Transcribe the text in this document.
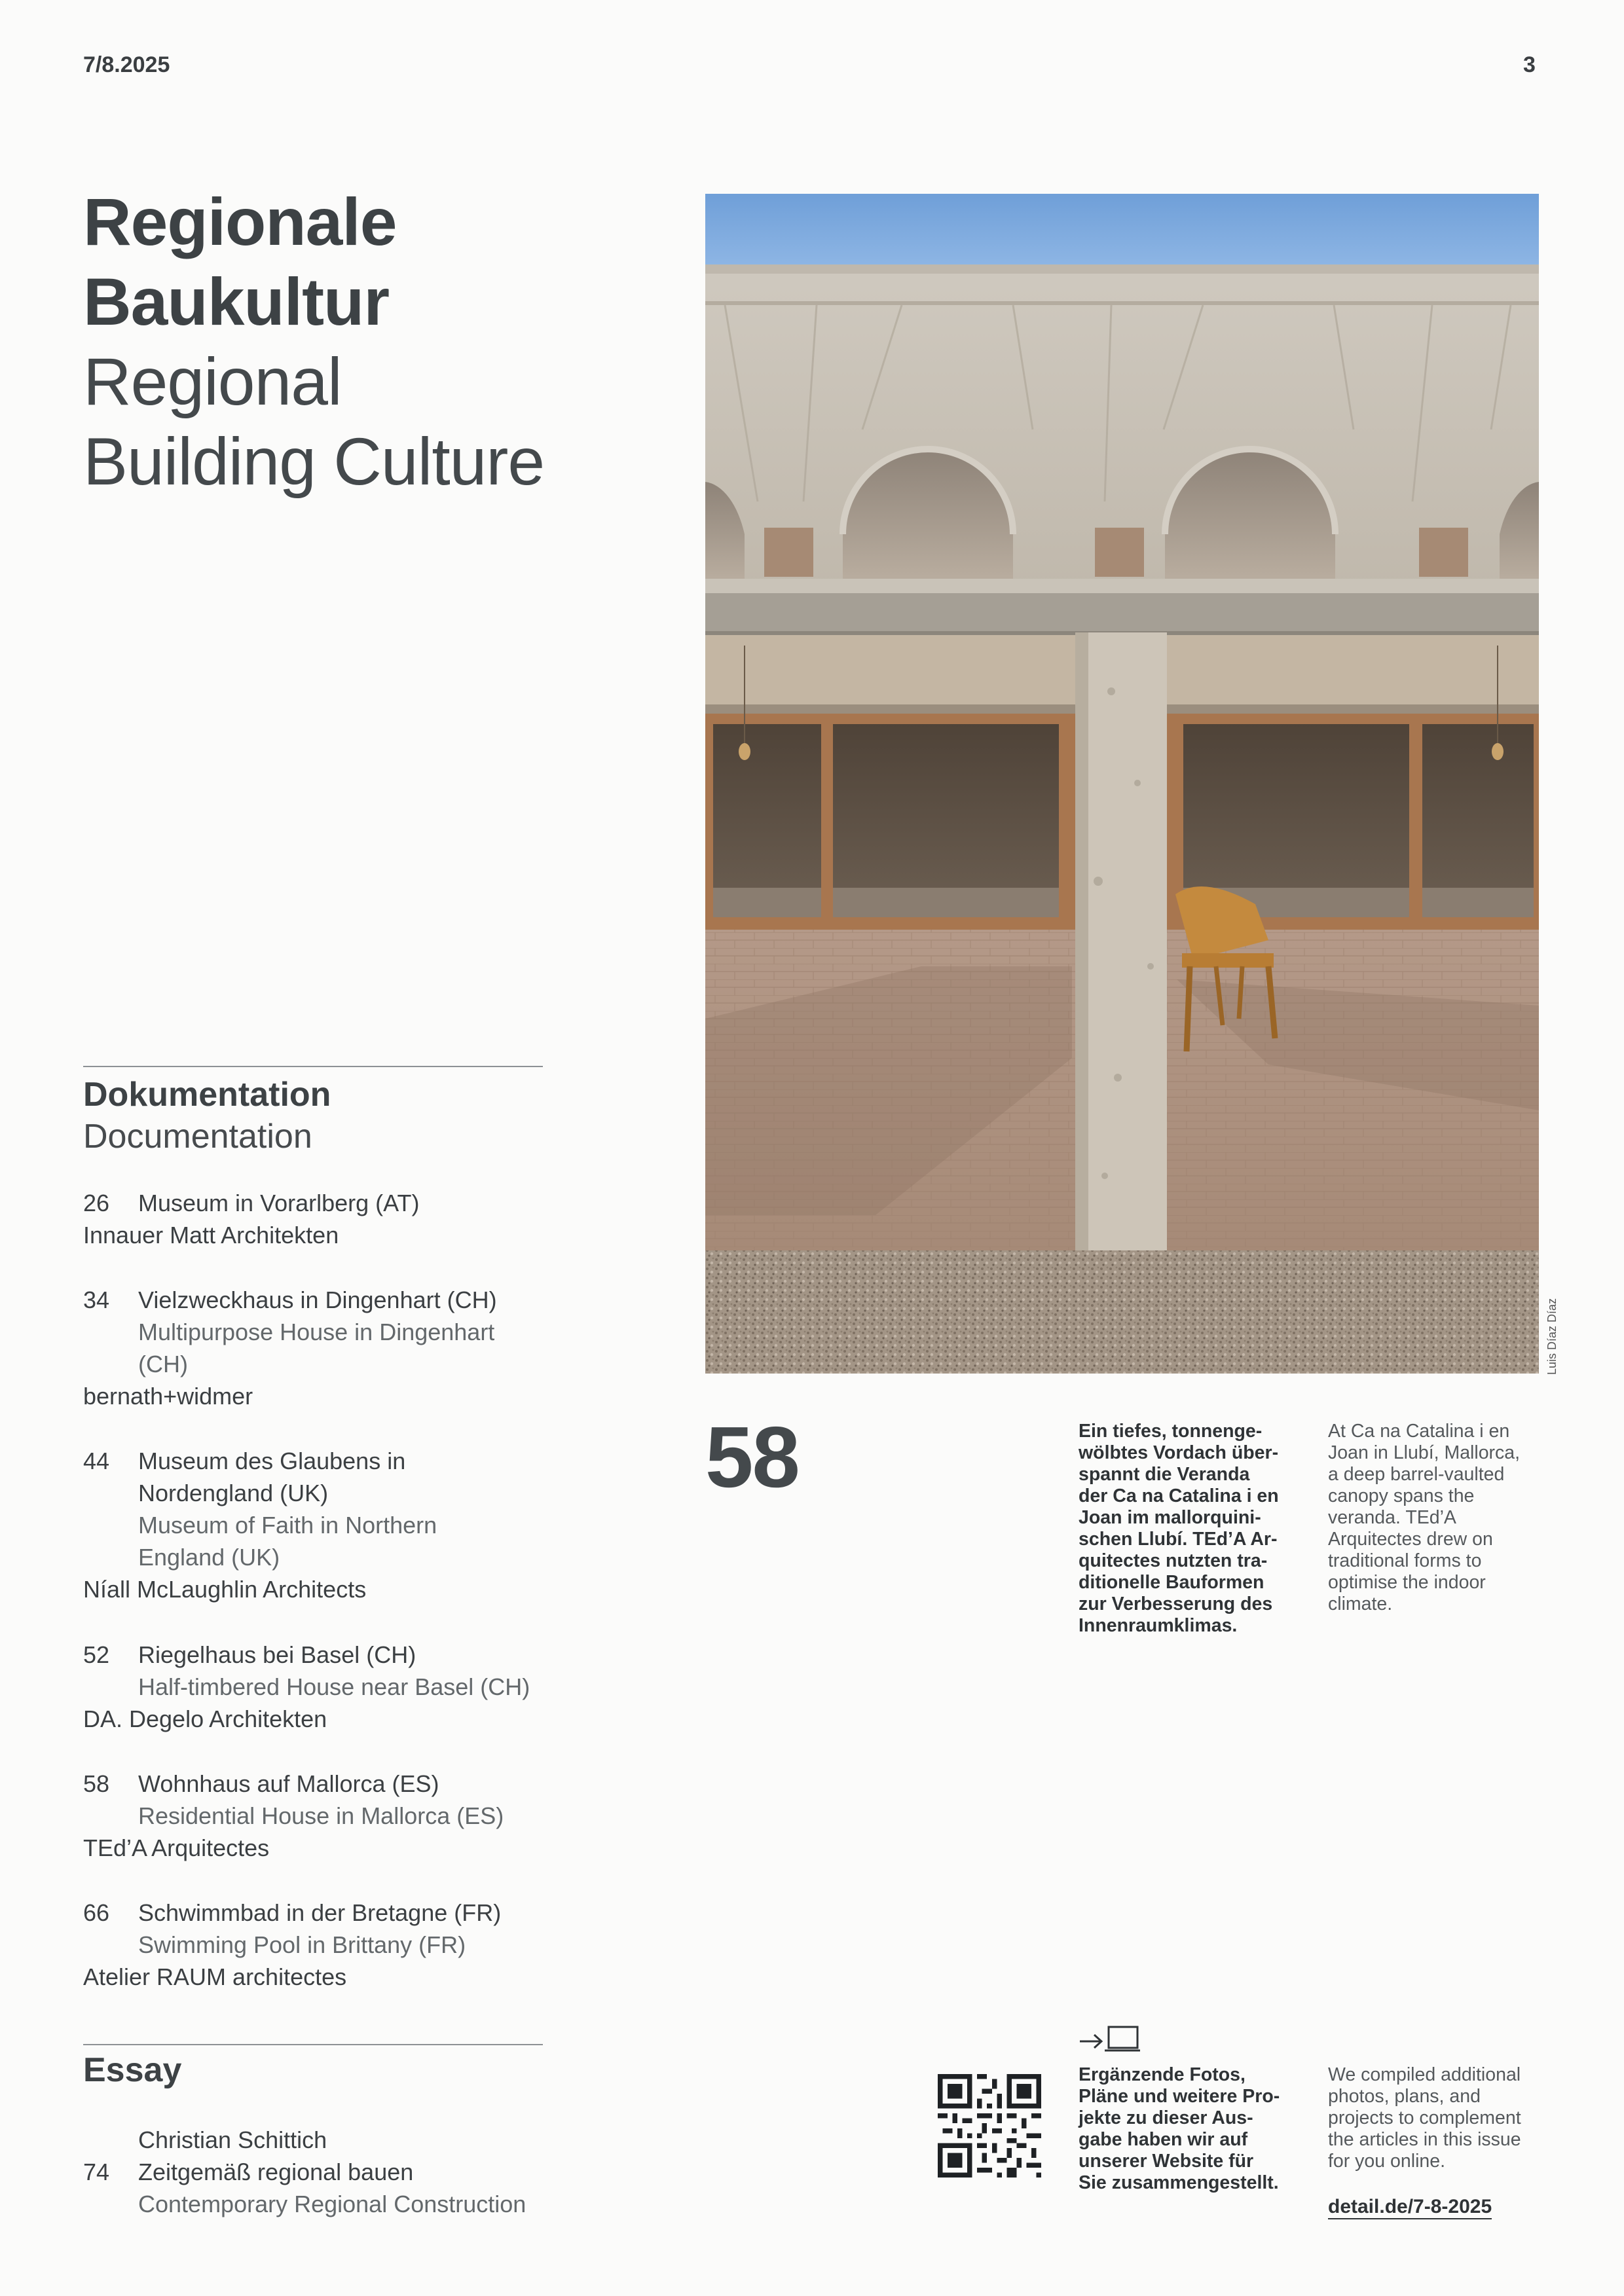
7/8.2025	3
Regionale
Baukultur
Regional
Building Culture
Dokumentation
Documentation
26 Museum in Vorarlberg (AT)
Innauer Matt Architekten
34 Vielzweckhaus in Dingenhart (CH)
Multipurpose House in Dingenhart
(CH)
bernath+widmer
44 Museum des Glaubens in
Nordengland (UK)
Museum of Faith in Northern
England (UK)
Níall McLaughlin Architects
52 Riegelhaus bei Basel (CH)
Half-timbered House near Basel (CH)
DA. Degelo Architekten
58 Wohnhaus auf Mallorca (ES)
Residential House in Mallorca (ES)
TEd’A Arquitectes
66 Schwimmbad in der Bretagne (FR)
Swimming Pool in Brittany (FR)
Atelier RAUM architectes
Essay
Christian Schittich
74 Zeitgemäß regional bauen
Contemporary Regional Construction
Luis Díaz Díaz
58	Ein tiefes, tonnenge-
wölbtes Vordach über-
spannt die Veranda
der Ca na Catalina i en
Joan im mallorquini-
schen Llubí. TEd’A Ar-
quitectes nutzten tra-
ditionelle Bauformen
zur Verbesserung des
Innenraumklimas.
At Ca na Catalina i en
Joan in Llubí, Mallorca,
a deep barrel-vaulted
canopy spans the
veranda. TEd’A
Arquitectes drew on
traditional forms to
optimise the indoor
climate.
Ergänzende Fotos,
Pläne und weitere Pro-
jekte zu dieser Aus-
gabe haben wir auf
unserer Website für
Sie zusammengestellt.
We compiled additional
photos, plans, and
projects to complement
the articles in this issue
for you online.
detail.de/7-8-2025
